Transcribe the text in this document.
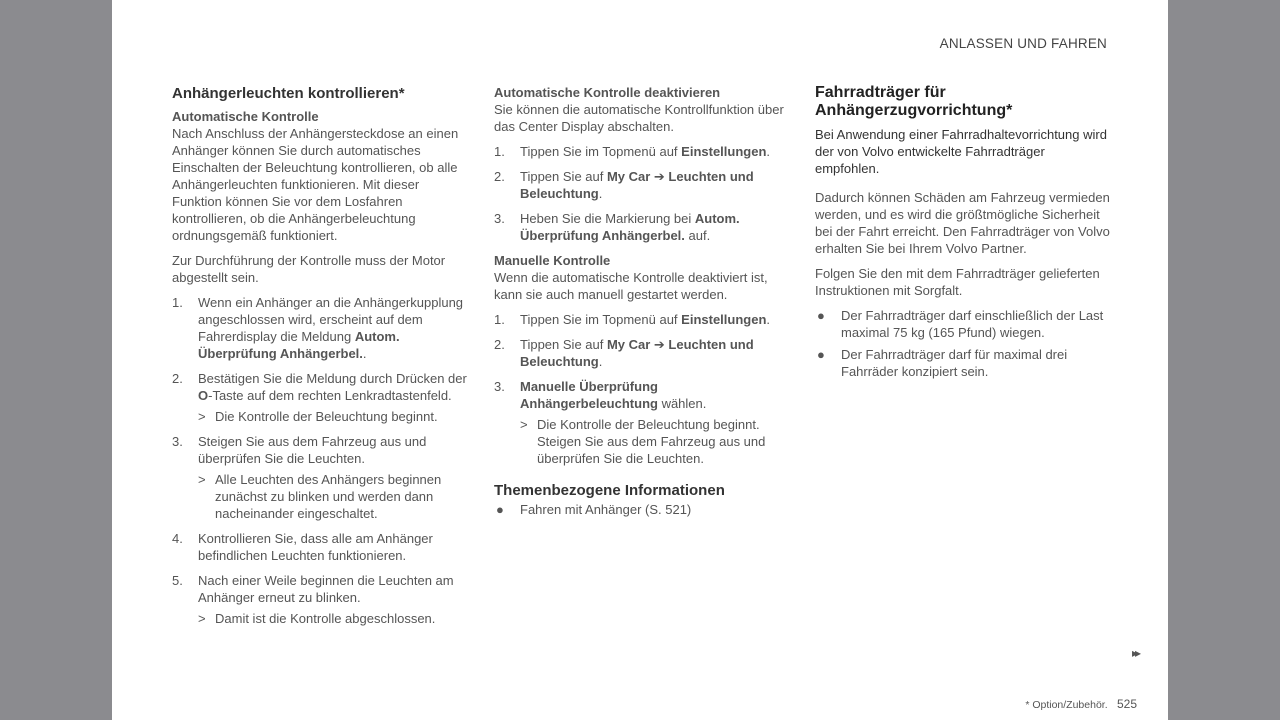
ANLASSEN UND FAHREN
Anhängerleuchten kontrollieren*
Automatische Kontrolle

Nach Anschluss der Anhängersteckdose an einen Anhänger können Sie durch automatisches Einschalten der Beleuchtung kontrollieren, ob alle Anhängerleuchten funktionieren. Mit dieser Funktion können Sie vor dem Losfahren kontrollieren, ob die Anhängerbeleuchtung ordnungsgemäß funktioniert.

Zur Durchführung der Kontrolle muss der Motor abgestellt sein.

1. Wenn ein Anhänger an die Anhängerkupplung angeschlossen wird, erscheint auf dem Fahrerdisplay die Meldung Autom. Überprüfung Anhängerbel..
2. Bestätigen Sie die Meldung durch Drücken der O-Taste auf dem rechten Lenkradtastenfeld.
> Die Kontrolle der Beleuchtung beginnt.
3. Steigen Sie aus dem Fahrzeug aus und überprüfen Sie die Leuchten.
> Alle Leuchten des Anhängers beginnen zunächst zu blinken und werden dann nacheinander eingeschaltet.
4. Kontrollieren Sie, dass alle am Anhänger befindlichen Leuchten funktionieren.
5. Nach einer Weile beginnen die Leuchten am Anhänger erneut zu blinken.
> Damit ist die Kontrolle abgeschlossen.
Automatische Kontrolle deaktivieren

Sie können die automatische Kontrollfunktion über das Center Display abschalten.

1. Tippen Sie im Topmenü auf Einstellungen.
2. Tippen Sie auf My Car ➔ Leuchten und Beleuchtung.
3. Heben Sie die Markierung bei Autom. Überprüfung Anhängerbel. auf.
Manuelle Kontrolle

Wenn die automatische Kontrolle deaktiviert ist, kann sie auch manuell gestartet werden.

1. Tippen Sie im Topmenü auf Einstellungen.
2. Tippen Sie auf My Car ➔ Leuchten und Beleuchtung.
3. Manuelle Überprüfung Anhängerbeleuchtung wählen.
> Die Kontrolle der Beleuchtung beginnt. Steigen Sie aus dem Fahrzeug aus und überprüfen Sie die Leuchten.
Themenbezogene Informationen
● Fahren mit Anhänger (S. 521)
Fahrradträger für Anhängerzugvorrichtung*

Bei Anwendung einer Fahrradhaltevorrichtung wird der von Volvo entwickelte Fahrradträger empfohlen.

Dadurch können Schäden am Fahrzeug vermieden werden, und es wird die größtmögliche Sicherheit bei der Fahrt erreicht. Den Fahrradträger von Volvo erhalten Sie bei Ihrem Volvo Partner.

Folgen Sie den mit dem Fahrradträger gelieferten Instruktionen mit Sorgfalt.

● Der Fahrradträger darf einschließlich der Last maximal 75 kg (165 Pfund) wiegen.
● Der Fahrradträger darf für maximal drei Fahrräder konzipiert sein.
▸▸
* Option/Zubehör. 525
